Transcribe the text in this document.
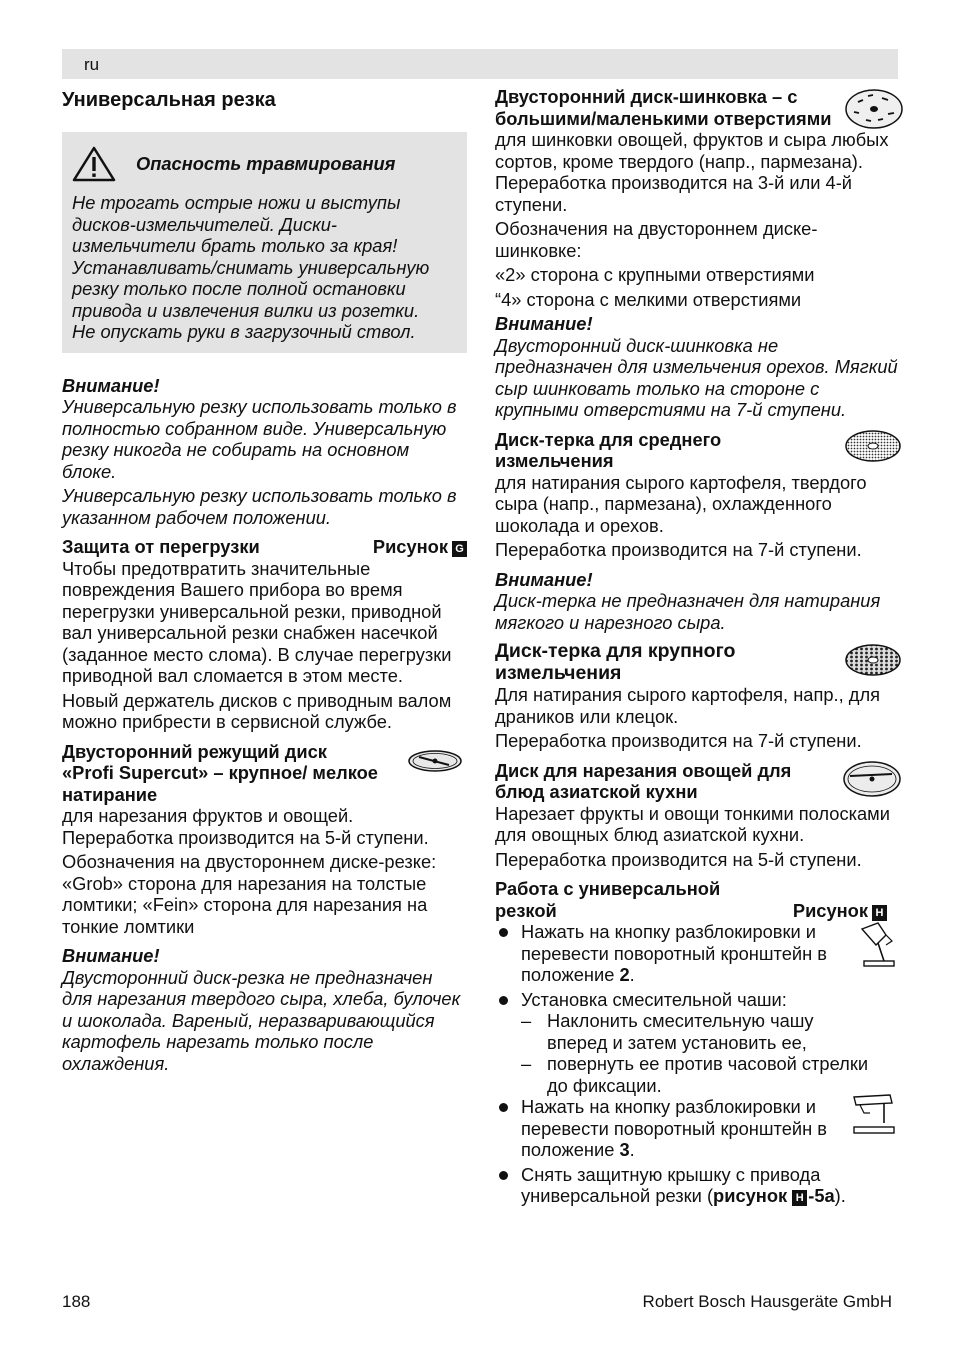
ru

Универсальная резка

Опасность травмирования

Не трогать острые ножи и выступы дисков-измельчителей. Диски-измельчители брать только за края!

Устанавливать/снимать универсальную резку только после полной остановки привода и извлечения вилки из розетки.

Не опускать руки в загрузочный ствол.

Внимание!

Универсальную резку использовать только в полностью собранном виде. Универсальную резку никогда не собирать на основном блоке.

Универсальную резку использовать только в указанном рабочем положении.

Защита от перегрузки	Рисунок G

Чтобы предотвратить значительные повреждения Вашего прибора во время перегрузки универсальной резки, приводной вал универсальной резки снабжен насечкой (заданное место слома). В случае перегрузки приводной вал сломается в этом месте.

Новый держатель дисков с приводным валом можно прибрести в сервисной службе.

Двусторонний режущий диск «Profi Supercut» – крупное/ мелкое натирание

для нарезания фруктов и овощей. Переработка производится на 5-й ступени.

Обозначения на двустороннем диске-резке: «Grob» сторона для нарезания на толстые ломтики; «Fein» сторона для нарезания на тонкие ломтики

Внимание!

Двусторонний диск-резка не предназначен для нарезания твердого сыра, хлеба, булочек и шоколада. Вареный, неразваривающийся картофель нарезать только после охлаждения.

Двусторонний диск-шинковка – с большими/маленькими отверстиями

для шинковки овощей, фруктов и сыра любых сортов, кроме твердого (напр., пармезана). Переработка производится на 3-й или 4-й ступени.

Обозначения на двустороннем диске-шинковке:

«2» сторона с крупными отверстиями

“4» сторона с мелкими отверстиями

Внимание!

Двусторонний диск-шинковка не предназначен для измельчения орехов. Мягкий сыр шинковать только на стороне с крупными отверстиями на 7-й ступени.

Диск-терка для среднего измельчения

для натирания сырого картофеля, твердого сыра (напр., пармезана), охлажденного шоколада и орехов.

Переработка производится на 7-й ступени.

Внимание!

Диск-терка не предназначен для натирания мягкого и нарезного сыра.

Диск-терка для крупного измельчения

Для натирания сырого картофеля, напр., для драников или клецок.

Переработка производится на 7-й ступени.

Диск для нарезания овощей для блюд азиатской кухни

Нарезает фрукты и овощи тонкими полосками для овощных блюд азиатской кухни.

Переработка производится на 5-й ступени.

Работа с универсальной

резкой	Рисунок H
Нажать на кнопку разблокировки и перевести поворотный кронштейн в положение 2.
Установка смесительной чаши:
– Наклонить смесительную чашу вперед и затем установить ее,
– повернуть ее против часовой стрелки до фиксации.
Нажать на кнопку разблокировки и перевести поворотный кронштейн в положение 3.
Снять защитную крышку с привода универсальной резки (рисунок H -5a).
188	Robert Bosch Hausgeräte GmbH
